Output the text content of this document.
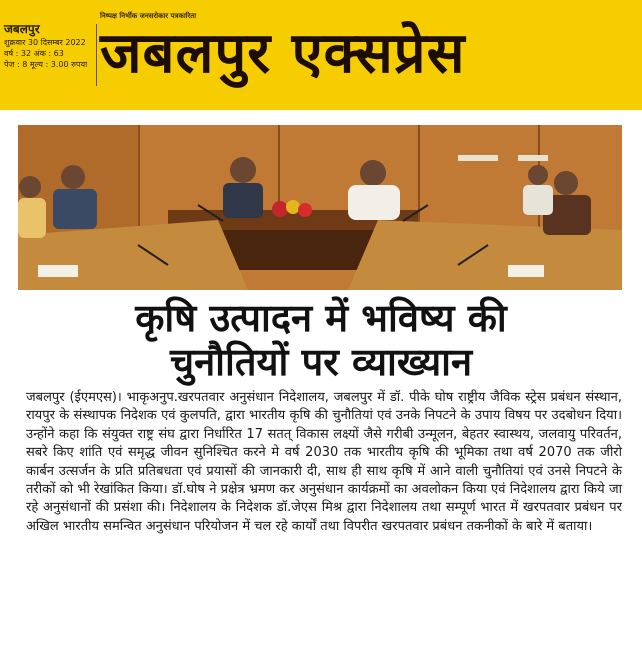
निष्पक्ष निर्भीक जनसरोकार पत्रकारिता
जबलपुर
शुक्रवार 30 दिसम्बर 2022
वर्ष : 32 अंक : 63
पेज : 8 मूल्य : 3.00 रुपया जबलपुर एक्सप्रेस
कृषि उत्पादन में भविष्य की
चुनौतियों पर व्याख्यान
जबलपुर (ईएमएस)। भाकृअनुप.खरपतवार अनुसंधान निदेशालय, जबलपुर में डॉ. पीके घोष राष्ट्रीय जैविक स्ट्रेस प्रबंधन संस्थान, रायपुर के संस्थापक निदेशक एवं कुलपति, द्वारा भारतीय कृषि की चुनौतियां एवं उनके निपटने के उपाय विषय पर उदबोधन दिया। उन्होंने कहा कि संयुक्त राष्ट्र संघ द्वारा निर्धारित 17 सतत् विकास लक्ष्यों जैसे गरीबी उन्मूलन, बेहतर स्वास्थय, जलवायु परिवर्तन, सबरे किए शांति एवं समृद्ध जीवन सुनिश्चित करने मे वर्ष 2030 तक भारतीय कृषि की भूमिका तथा वर्ष 2070 तक जीरो कार्बन उत्सर्जन के प्रति प्रतिबधता एवं प्रयासों की जानकारी दी, साथ ही साथ कृषि में आने वाली चुनौतियां एवं उनसे निपटने के तरीकों को भी रेखांकित किया। डॉ.घोष ने प्रक्षेत्र भ्रमण कर अनुसंधान कार्यक्रमों का अवलोकन किया एवं निदेशालय द्वारा किये जा रहे अनुसंधानों की प्रसंशा की। निदेशालय के निदेशक डॉ.जेएस मिश्र द्वारा निदेशालय तथा सम्पूर्ण भारत में खरपतवार प्रबंधन पर अखिल भारतीय समन्वित अनुसंधान परियोजन में चल रहे कार्यों तथा विपरीत खरपतवार प्रबंधन तकनीकों के बारे में बताया।
